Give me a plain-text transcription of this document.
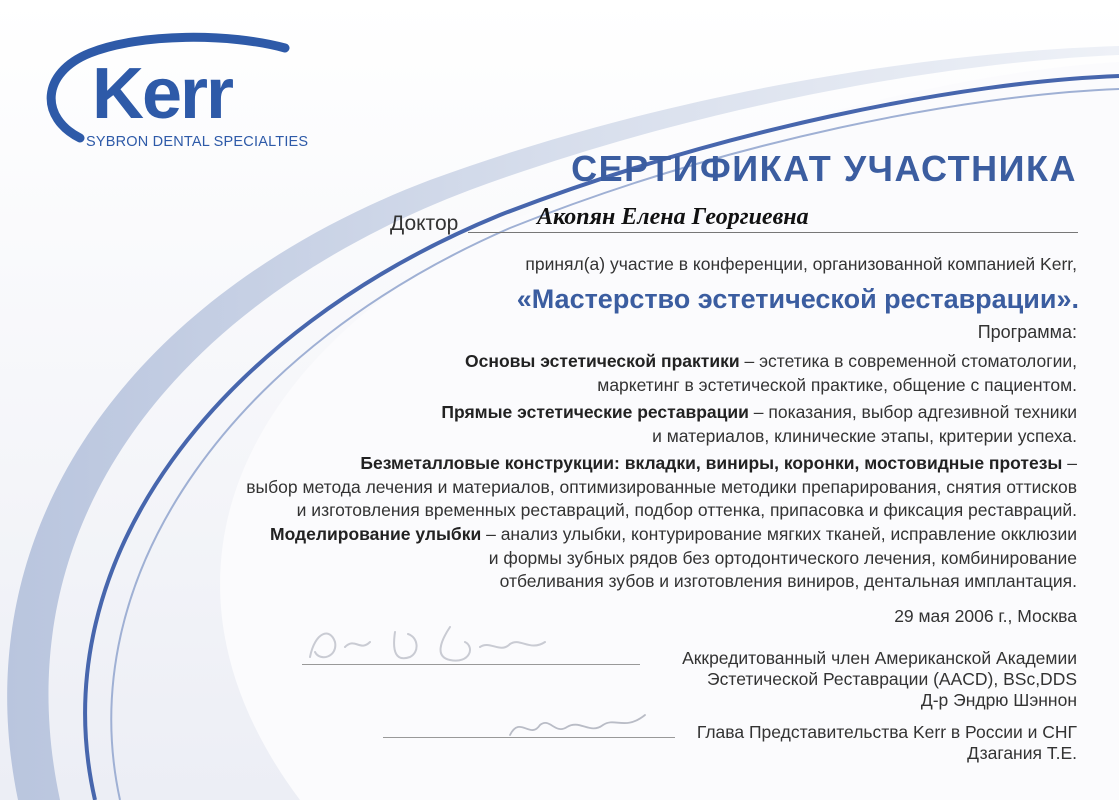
Kerr
SYBRON DENTAL SPECIALTIES
СЕРТИФИКАТ УЧАСТНИКА
Доктор	Акопян Елена Георгиевна
принял(а) участие в конференции, организованной компанией Kerr,
«Мастерство эстетической реставрации».
Программа:
Основы эстетической практики – эстетика в современной стоматологии,
маркетинг в эстетической практике, общение с пациентом.
Прямые эстетические реставрации – показания, выбор адгезивной техники
и материалов, клинические этапы, критерии успеха.
Безметалловые конструкции: вкладки, виниры, коронки, мостовидные протезы –
выбор метода лечения и материалов, оптимизированные методики препарирования, снятия оттисков
и изготовления временных реставраций, подбор оттенка, припасовка и фиксация реставраций.
Моделирование улыбки – анализ улыбки, контурирование мягких тканей, исправление окклюзии
и формы зубных рядов без ортодонтического лечения, комбинирование
отбеливания зубов и изготовления виниров, дентальная имплантация.
29 мая 2006 г., Москва
Аккредитованный член Американской Академии
Эстетической Реставрации (AACD), BSc,DDS
Д-р Эндрю Шэннон
Глава Представительства Kerr в России и СНГ
Дзагания Т.Е.
